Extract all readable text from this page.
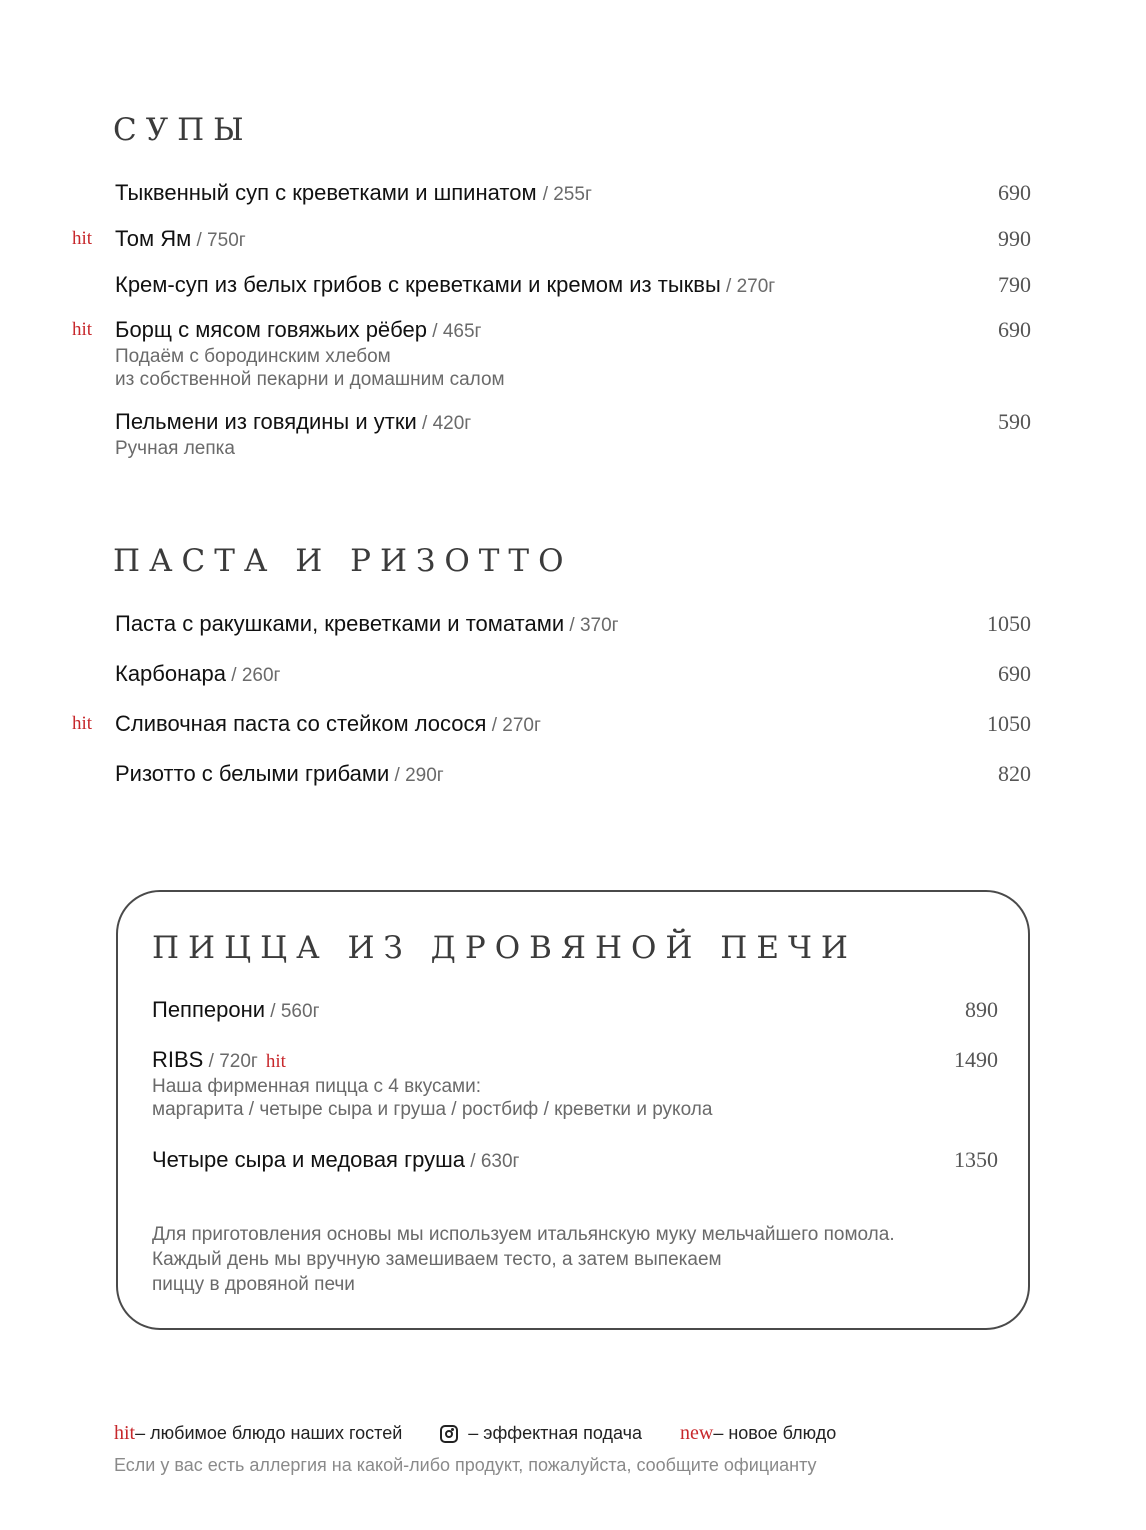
СУПЫ
hit
hit
Тыквенный суп с креветками и шпинатом / 255г	690
Том Ям / 750г	990
Крем-суп из белых грибов с креветками и кремом из тыквы / 270г	790
Борщ с мясом говяжьих рёбер / 465г	690
Подаём с бородинским хлебом
из собственной пекарни и домашним салом
Пельмени из говядины и утки / 420г	590
Ручная лепка
ПАСТА И РИЗОТТО
hit
Паста с ракушками, креветками и томатами / 370г	1050
Карбонара / 260г	690
Сливочная паста со стейком лосося / 270г	1050
Ризотто с белыми грибами / 290г	820
ПИЦЦА ИЗ ДРОВЯНОЙ ПЕЧИ
Пепперони / 560г	890
RIBS / 720г hit	1490
Наша фирменная пицца с 4 вкусами:
маргарита / четыре сыра и груша / ростбиф / креветки и рукола
Четыре сыра и медовая груша / 630г	1350
Для приготовления основы мы используем итальянскую муку мельчайшего помола.
Каждый день мы вручную замешиваем тесто, а затем выпекаем
пиццу в дровяной печи
hit – любимое блюдо наших гостей	– эффектная подача new – новое блюдо
Если у вас есть аллергия на какой-либо продукт, пожалуйста, сообщите официанту
